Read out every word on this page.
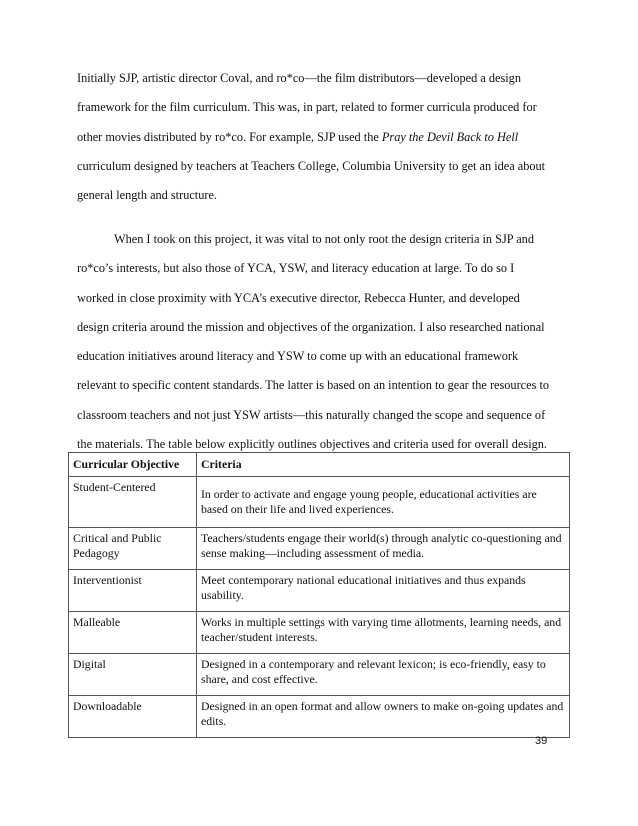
Initially SJP, artistic director Coval, and ro*co—the film distributors—developed a design
framework for the film curriculum. This was, in part, related to former curricula produced for
other movies distributed by ro*co. For example, SJP used the Pray the Devil Back to Hell
curriculum designed by teachers at Teachers College, Columbia University to get an idea about
general length and structure.
When I took on this project, it was vital to not only root the design criteria in SJP and
ro*co’s interests, but also those of YCA, YSW, and literacy education at large. To do so I
worked in close proximity with YCA’s executive director, Rebecca Hunter, and developed
design criteria around the mission and objectives of the organization. I also researched national
education initiatives around literacy and YSW to come up with an educational framework
relevant to specific content standards. The latter is based on an intention to gear the resources to
classroom teachers and not just YSW artists—this naturally changed the scope and sequence of
the materials. The table below explicitly outlines objectives and criteria used for overall design.
Curricular Objective	Criteria
Student-Centered	In order to activate and engage young people, educational activities are based on their life and lived experiences.
Critical and Public Pedagogy	Teachers/students engage their world(s) through analytic co-questioning and sense making—including assessment of media.
Interventionist	Meet contemporary national educational initiatives and thus expands usability.
Malleable	Works in multiple settings with varying time allotments, learning needs, and teacher/student interests.
Digital	Designed in a contemporary and relevant lexicon; is eco-friendly, easy to share, and cost effective.
Downloadable	Designed in an open format and allow owners to make on-going updates and edits.
39
